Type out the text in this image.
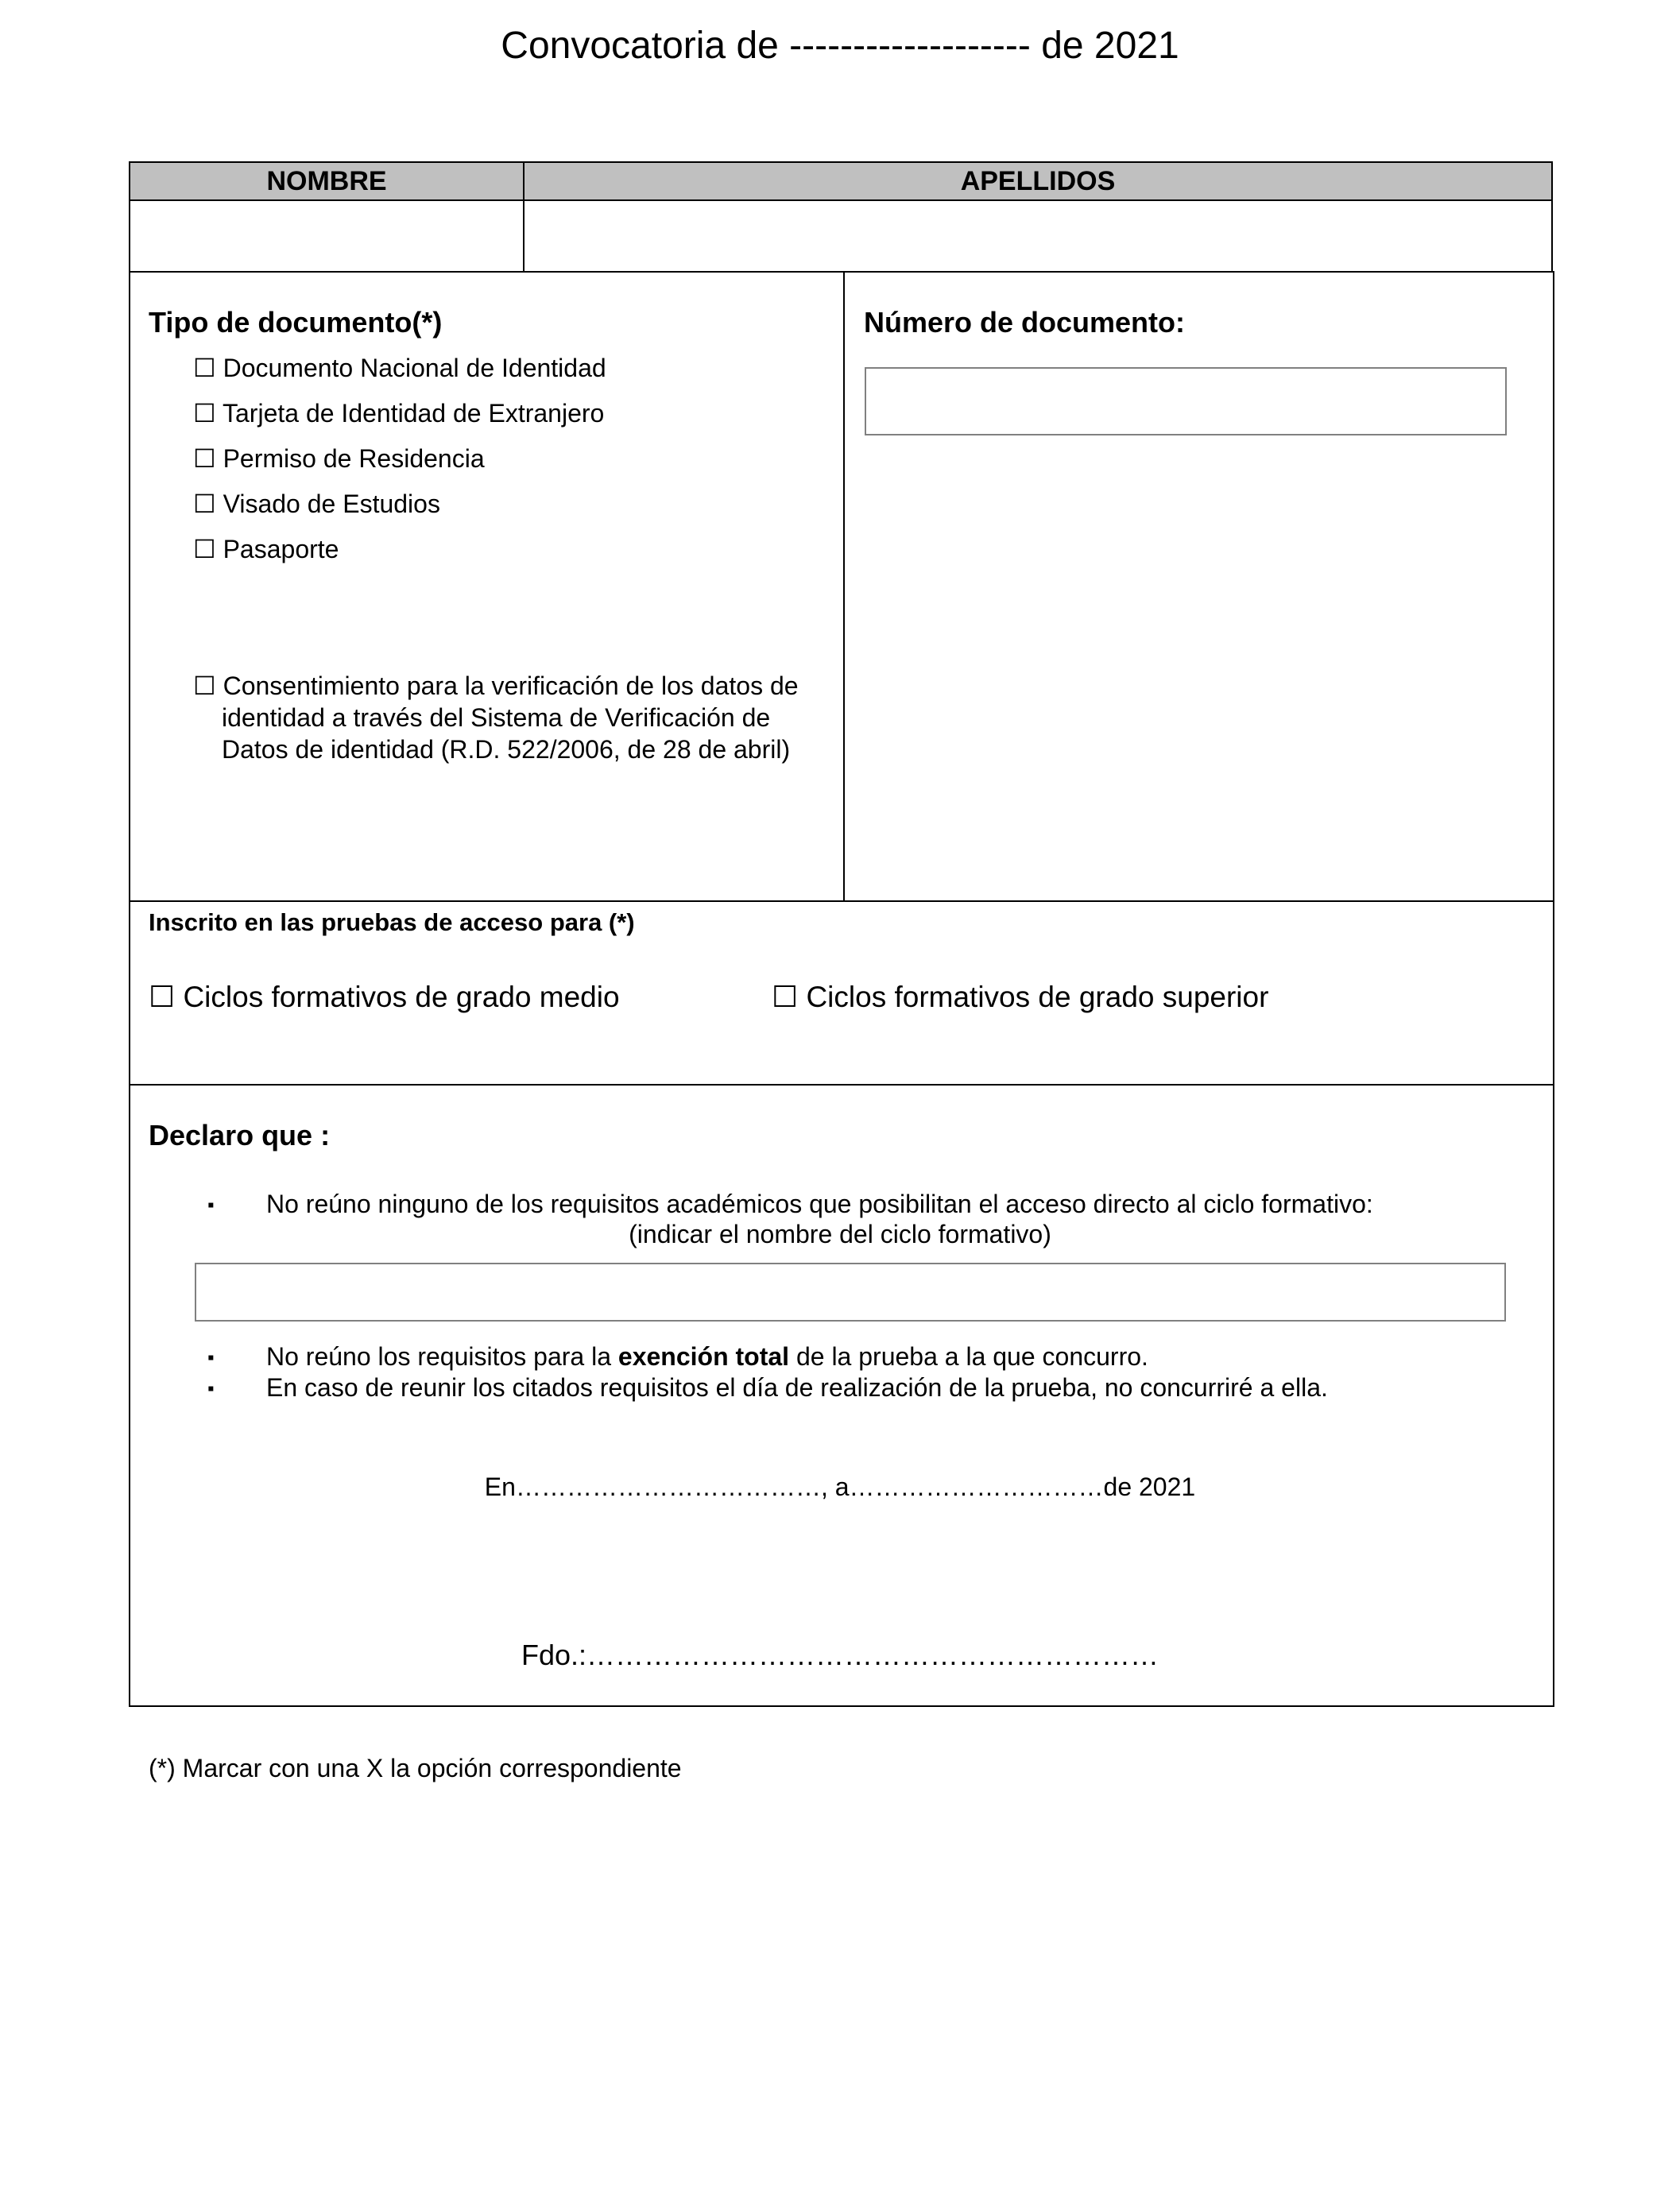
Convocatoria de ------------------- de 2021
NOMBRE	APELLIDOS
Tipo de documento(*)
☐ Documento Nacional de Identidad
☐ Tarjeta de Identidad de Extranjero
☐ Permiso de Residencia
☐ Visado de Estudios
☐ Pasaporte
☐ Consentimiento para la verificación de los datos de
identidad a través del Sistema de Verificación de
Datos de identidad (R.D. 522/2006, de 28 de abril)
Número de documento:
Inscrito en las pruebas de acceso para (*)
☐ Ciclos formativos de grado medio	☐ Ciclos formativos de grado superior
Declaro que :
▪ No reúno ninguno de los requisitos académicos que posibilitan el acceso directo al ciclo formativo:
(indicar el nombre del ciclo formativo)
▪ No reúno los requisitos para la exención total de la prueba a la que concurro.
▪ En caso de reunir los citados requisitos el día de realización de la prueba, no concurriré a ella.
En………………………………, a…………………………de 2021
Fdo.:……………………………………………………
(*) Marcar con una X la opción correspondiente
